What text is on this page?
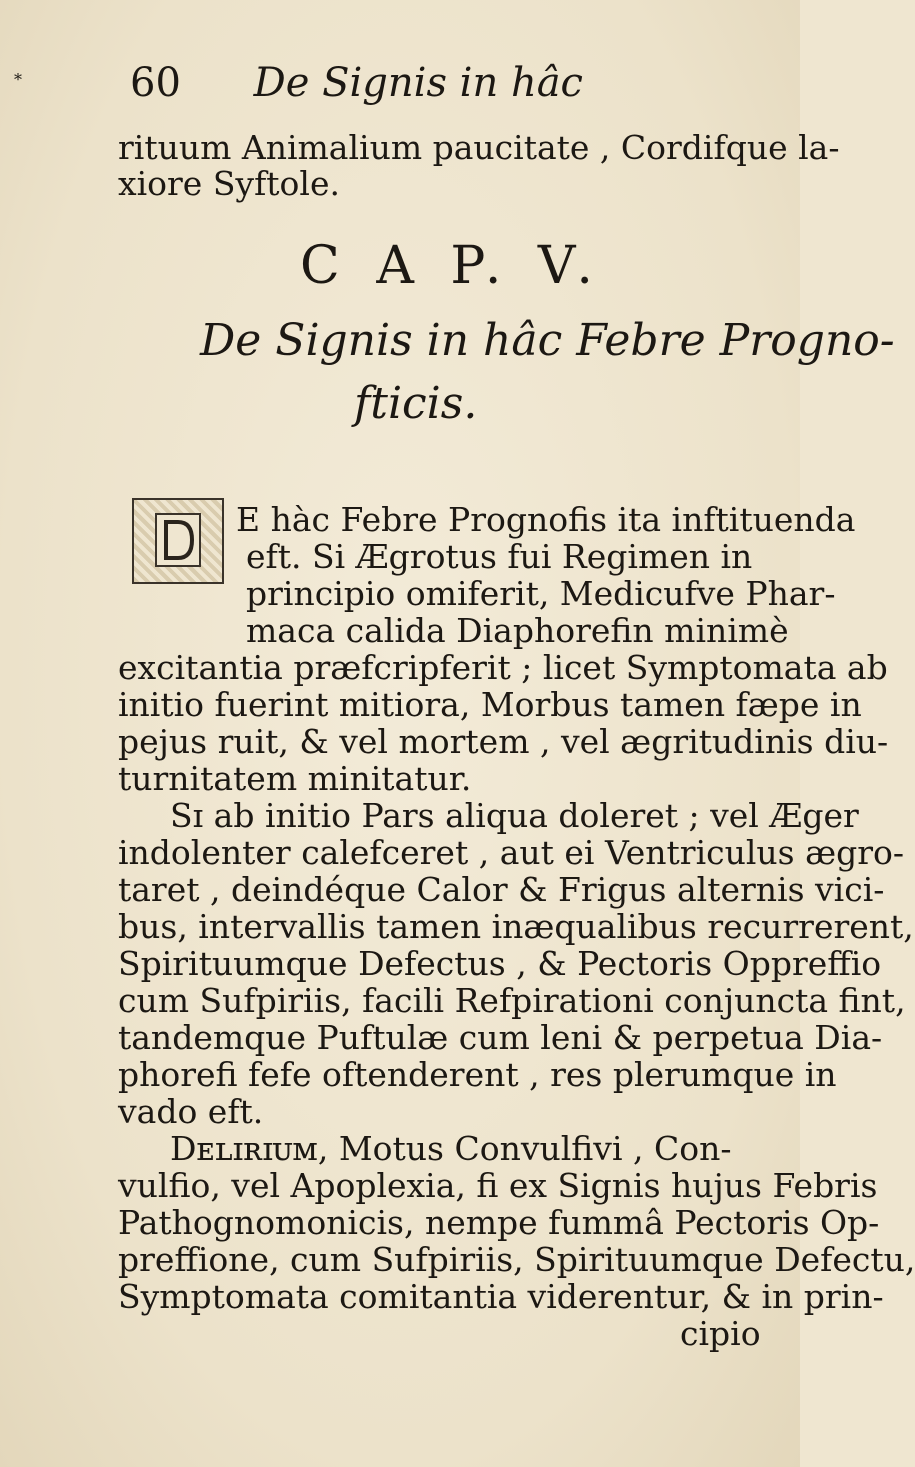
*	60 De Signis in hâc
rituum Animalium paucitate , Cordifque la-
xiore Syftole.
C A P. V.
De Signis in hâc Febre Progno-
fticis.
E hàc Febre Prognofis ita inftituenda
eft. Si Ægrotus fui Regimen in
principio omiferit, Medicufve Phar-
maca calida Diaphorefin minimè
excitantia præfcripferit ; licet Symptomata ab
initio fuerint mitiora, Morbus tamen fæpe in
pejus ruit, & vel mortem , vel ægritudinis diu-
turnitatem minitatur.
Sɪ ab initio Pars aliqua doleret ; vel Æger
indolenter calefceret , aut ei Ventriculus ægro-
taret , deindéque Calor & Frigus alternis vici-
bus, intervallis tamen inæqualibus recurrerent,
Spirituumque Defectus , & Pectoris Oppreffio
cum Sufpiriis, facili Refpirationi conjuncta fint,
tandemque Puftulæ cum leni & perpetua Dia-
phorefi fefe oftenderent , res plerumque in
vado eft.
Dᴇʟɪʀɪᴜᴍ, Motus Convulfivi , Con-
vulfio, vel Apoplexia, fi ex Signis hujus Febris
Pathognomonicis, nempe fummâ Pectoris Op-
preffione, cum Sufpiriis, Spirituumque Defectu,
Symptomata comitantia viderentur, & in prin-
cipio
